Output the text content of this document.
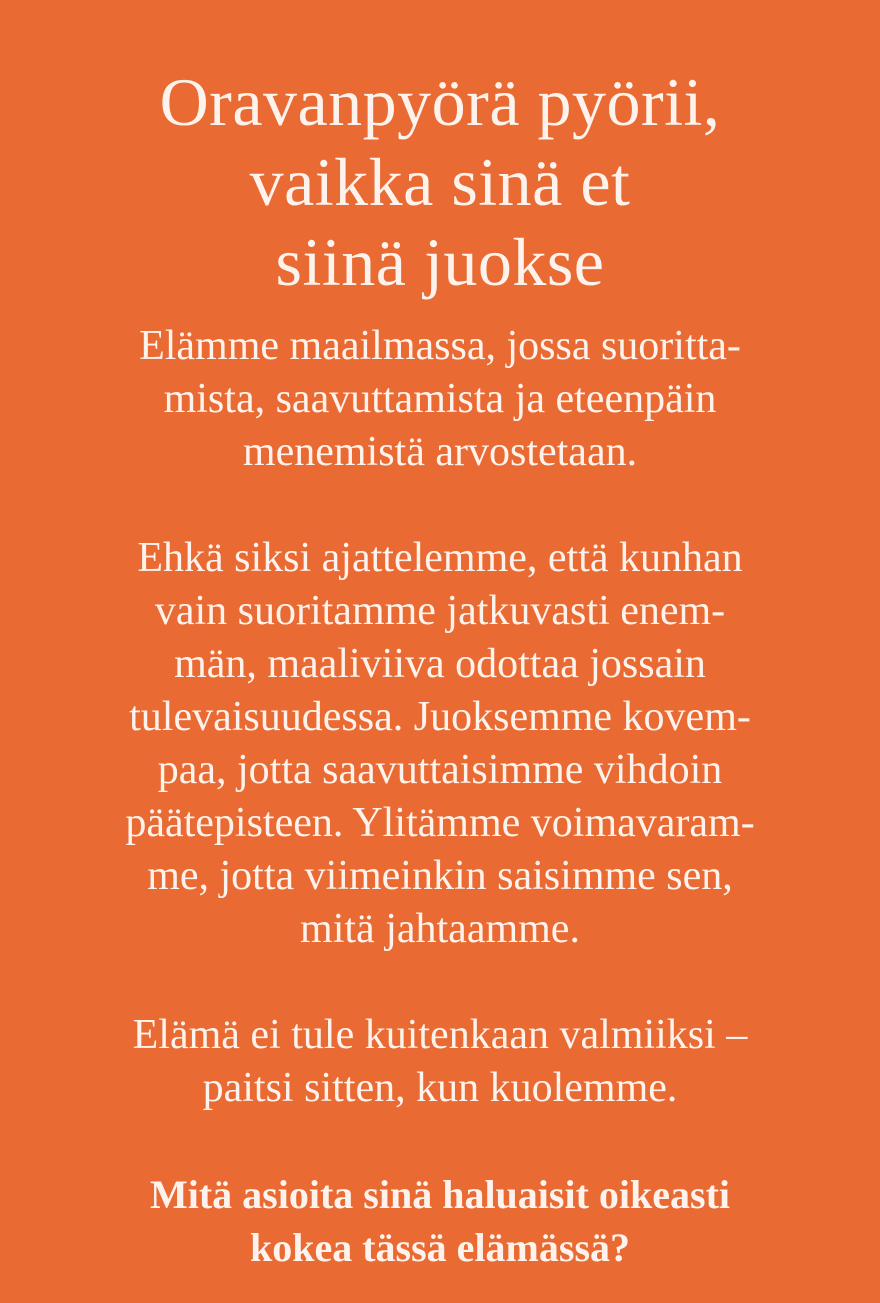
Oravanpyörä pyörii,
vaikka sinä et
siinä juokse

Elämme maailmassa, jossa suoritta-
mista, saavuttamista ja eteenpäin
menemistä arvostetaan.

Ehkä siksi ajattelemme, että kunhan
vain suoritamme jatkuvasti enem-
män, maaliviiva odottaa jossain
tulevaisuudessa. Juoksemme kovem-
paa, jotta saavuttaisimme vihdoin
päätepisteen. Ylitämme voimavaram-
me, jotta viimeinkin saisimme sen,
mitä jahtaamme.

Elämä ei tule kuitenkaan valmiiksi –
paitsi sitten, kun kuolemme.

Mitä asioita sinä haluaisit oikeasti
kokea tässä elämässä?
